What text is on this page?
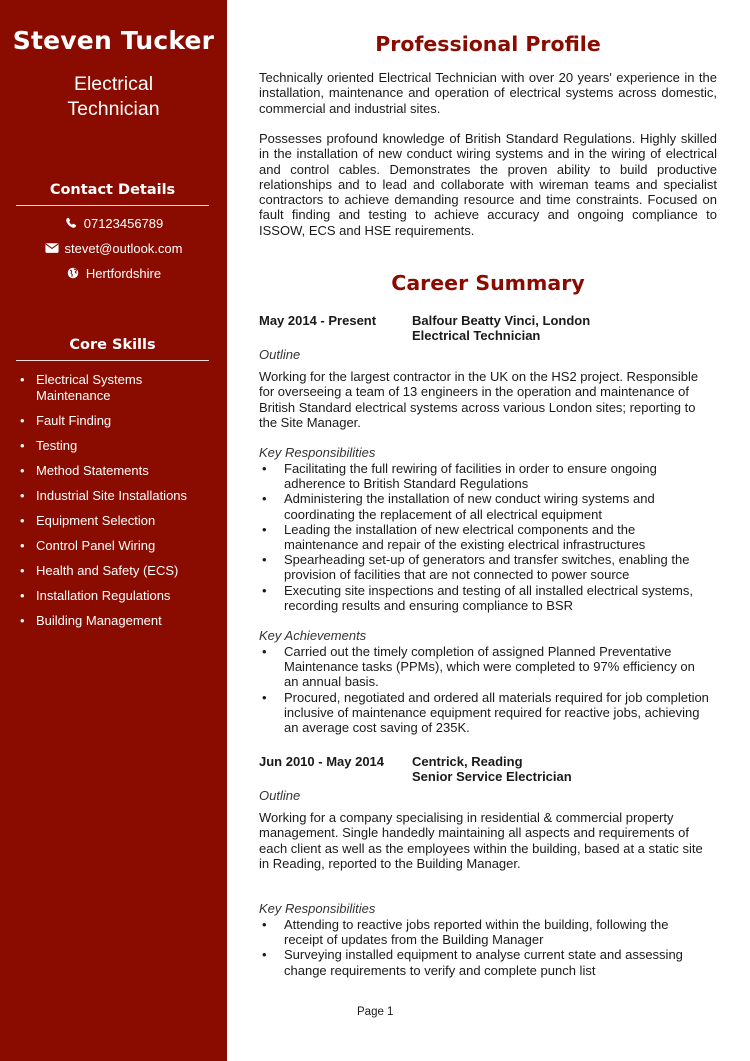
Steven Tucker
Electrical
Technician
Contact Details
07123456789
stevet@outlook.com
Hertfordshire
Core Skills
• Electrical Systems Maintenance
• Fault Finding
• Testing
• Method Statements
• Industrial Site Installations
• Equipment Selection
• Control Panel Wiring
• Health and Safety (ECS)
• Installation Regulations
• Building Management
Professional Profile

Technically oriented Electrical Technician with over 20 years' experience in the installation, maintenance and operation of electrical systems across domestic, commercial and industrial sites.

Possesses profound knowledge of British Standard Regulations. Highly skilled in the installation of new conduct wiring systems and in the wiring of electrical and control cables. Demonstrates the proven ability to build productive relationships and to lead and collaborate with wireman teams and specialist contractors to achieve demanding resource and time constraints. Focused on fault finding and testing to achieve accuracy and ongoing compliance to ISSOW, ECS and HSE requirements.

Career Summary
May 2014 - Present	Balfour Beatty Vinci, London
Electrical Technician
Outline

Working for the largest contractor in the UK on the HS2 project. Responsible for overseeing a team of 13 engineers in the operation and maintenance of British Standard electrical systems across various London sites; reporting to the Site Manager.

Key Responsibilities
• Facilitating the full rewiring of facilities in order to ensure ongoing adherence to British Standard Regulations
• Administering the installation of new conduct wiring systems and coordinating the replacement of all electrical equipment
• Leading the installation of new electrical components and the maintenance and repair of the existing electrical infrastructures
• Spearheading set-up of generators and transfer switches, enabling the provision of facilities that are not connected to power source
• Executing site inspections and testing of all installed electrical systems, recording results and ensuring compliance to BSR
Key Achievements
• Carried out the timely completion of assigned Planned Preventative Maintenance tasks (PPMs), which were completed to 97% efficiency on an annual basis.
• Procured, negotiated and ordered all materials required for job completion inclusive of maintenance equipment required for reactive jobs, achieving an average cost saving of 235K.
Jun 2010 - May 2014 Centrick, Reading
Senior Service Electrician
Outline

Working for a company specialising in residential & commercial property management. Single handedly maintaining all aspects and requirements of each client as well as the employees within the building, based at a static site in Reading, reported to the Building Manager.

Key Responsibilities
• Attending to reactive jobs reported within the building, following the receipt of updates from the Building Manager
• Surveying installed equipment to analyse current state and assessing change requirements to verify and complete punch list
Page 1
